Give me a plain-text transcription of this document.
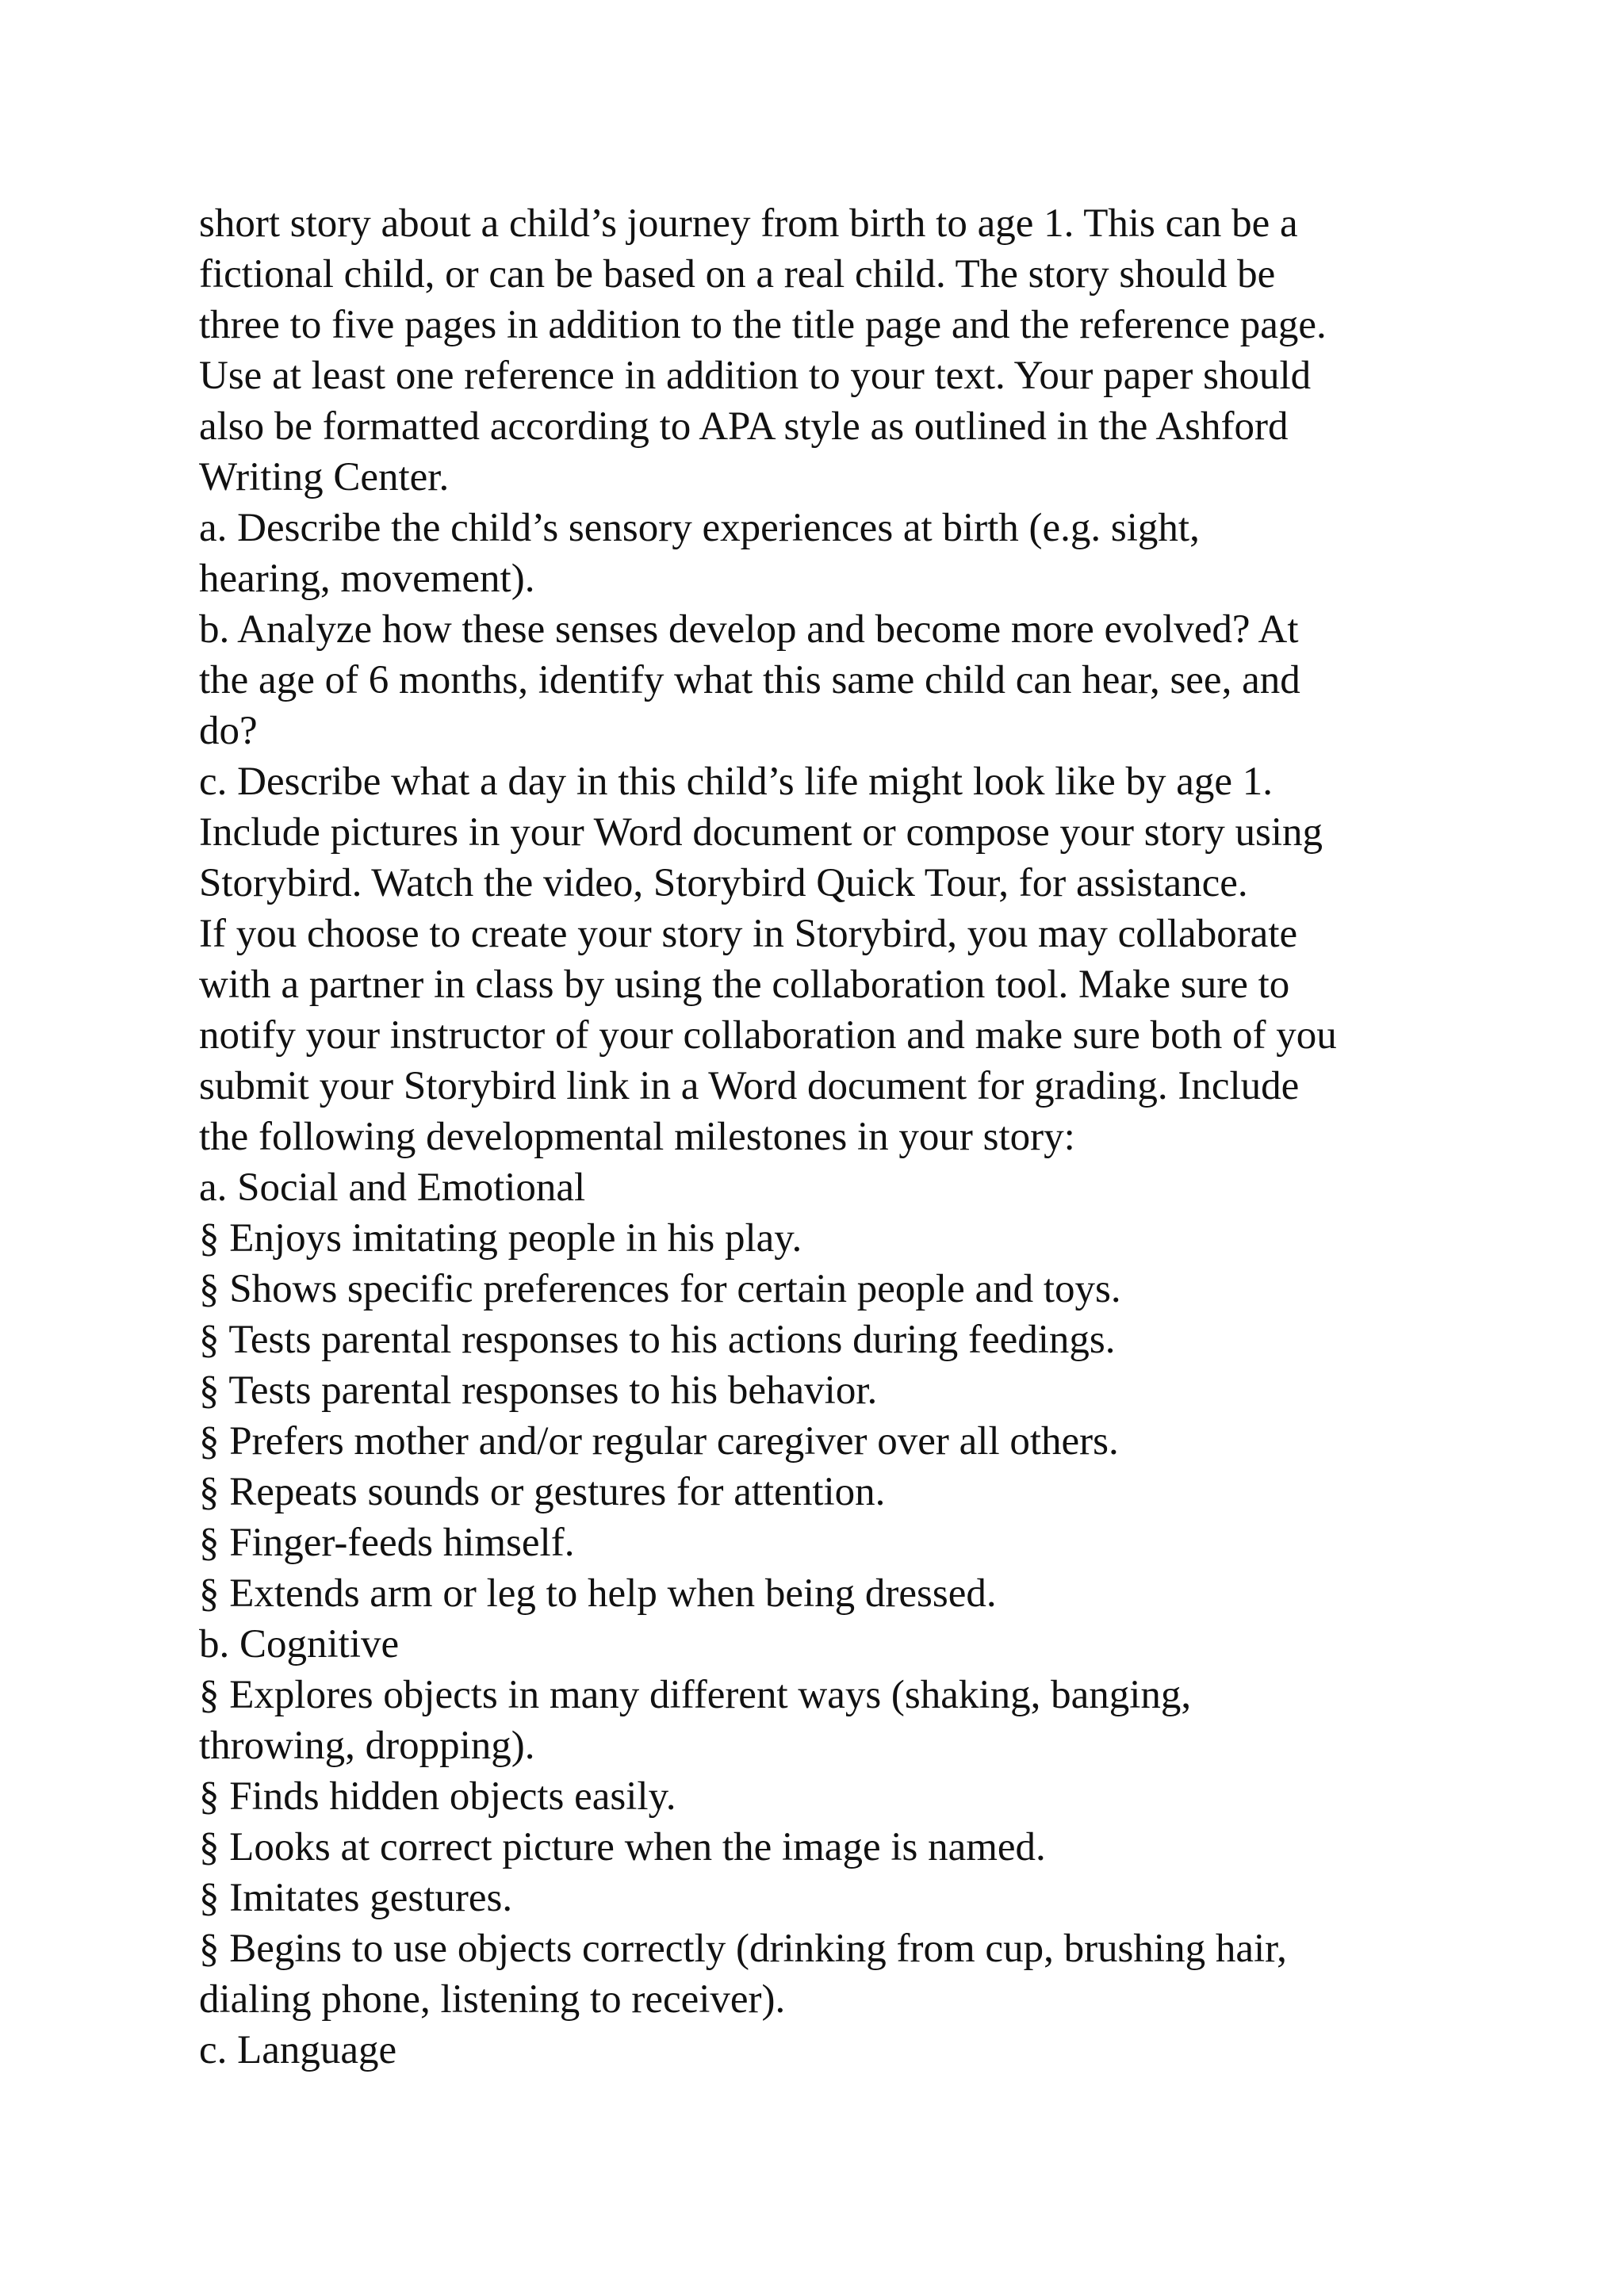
short story about a child’s journey from birth to age 1. This can be a
fictional child, or can be based on a real child. The story should be
three to five pages in addition to the title page and the reference page.
Use at least one reference in addition to your text. Your paper should
also be formatted according to APA style as outlined in the Ashford
Writing Center.
a. Describe the child’s sensory experiences at birth (e.g. sight,
hearing, movement).
b. Analyze how these senses develop and become more evolved? At
the age of 6 months, identify what this same child can hear, see, and
do?
c. Describe what a day in this child’s life might look like by age 1.
Include pictures in your Word document or compose your story using
Storybird. Watch the video, Storybird Quick Tour, for assistance.
If you choose to create your story in Storybird, you may collaborate
with a partner in class by using the collaboration tool. Make sure to
notify your instructor of your collaboration and make sure both of you
submit your Storybird link in a Word document for grading. Include
the following developmental milestones in your story:
a. Social and Emotional
§ Enjoys imitating people in his play.
§ Shows specific preferences for certain people and toys.
§ Tests parental responses to his actions during feedings.
§ Tests parental responses to his behavior.
§ Prefers mother and/or regular caregiver over all others.
§ Repeats sounds or gestures for attention.
§ Finger-feeds himself.
§ Extends arm or leg to help when being dressed.
b. Cognitive
§ Explores objects in many different ways (shaking, banging,
throwing, dropping).
§ Finds hidden objects easily.
§ Looks at correct picture when the image is named.
§ Imitates gestures.
§ Begins to use objects correctly (drinking from cup, brushing hair,
dialing phone, listening to receiver).
c. Language
